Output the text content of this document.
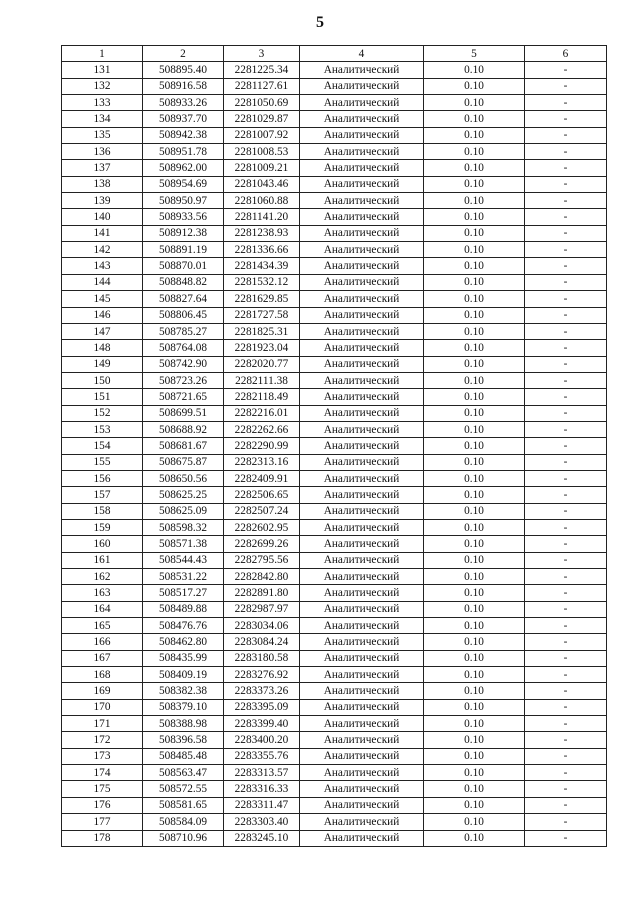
5
1	2	3	4	5	6
131	508895.40	2281225.34	Аналитический	0.10	-
132	508916.58	2281127.61	Аналитический	0.10	-
133	508933.26	2281050.69	Аналитический	0.10	-
134	508937.70	2281029.87	Аналитический	0.10	-
135	508942.38	2281007.92	Аналитический	0.10	-
136	508951.78	2281008.53	Аналитический	0.10	-
137	508962.00	2281009.21	Аналитический	0.10	-
138	508954.69	2281043.46	Аналитический	0.10	-
139	508950.97	2281060.88	Аналитический	0.10	-
140	508933.56	2281141.20	Аналитический	0.10	-
141	508912.38	2281238.93	Аналитический	0.10	-
142	508891.19	2281336.66	Аналитический	0.10	-
143	508870.01	2281434.39	Аналитический	0.10	-
144	508848.82	2281532.12	Аналитический	0.10	-
145	508827.64	2281629.85	Аналитический	0.10	-
146	508806.45	2281727.58	Аналитический	0.10	-
147	508785.27	2281825.31	Аналитический	0.10	-
148	508764.08	2281923.04	Аналитический	0.10	-
149	508742.90	2282020.77	Аналитический	0.10	-
150	508723.26	2282111.38	Аналитический	0.10	-
151	508721.65	2282118.49	Аналитический	0.10	-
152	508699.51	2282216.01	Аналитический	0.10	-
153	508688.92	2282262.66	Аналитический	0.10	-
154	508681.67	2282290.99	Аналитический	0.10	-
155	508675.87	2282313.16	Аналитический	0.10	-
156	508650.56	2282409.91	Аналитический	0.10	-
157	508625.25	2282506.65	Аналитический	0.10	-
158	508625.09	2282507.24	Аналитический	0.10	-
159	508598.32	2282602.95	Аналитический	0.10	-
160	508571.38	2282699.26	Аналитический	0.10	-
161	508544.43	2282795.56	Аналитический	0.10	-
162	508531.22	2282842.80	Аналитический	0.10	-
163	508517.27	2282891.80	Аналитический	0.10	-
164	508489.88	2282987.97	Аналитический	0.10	-
165	508476.76	2283034.06	Аналитический	0.10	-
166	508462.80	2283084.24	Аналитический	0.10	-
167	508435.99	2283180.58	Аналитический	0.10	-
168	508409.19	2283276.92	Аналитический	0.10	-
169	508382.38	2283373.26	Аналитический	0.10	-
170	508379.10	2283395.09	Аналитический	0.10	-
171	508388.98	2283399.40	Аналитический	0.10	-
172	508396.58	2283400.20	Аналитический	0.10	-
173	508485.48	2283355.76	Аналитический	0.10	-
174	508563.47	2283313.57	Аналитический	0.10	-
175	508572.55	2283316.33	Аналитический	0.10	-
176	508581.65	2283311.47	Аналитический	0.10	-
177	508584.09	2283303.40	Аналитический	0.10	-
178	508710.96	2283245.10	Аналитический	0.10	-
